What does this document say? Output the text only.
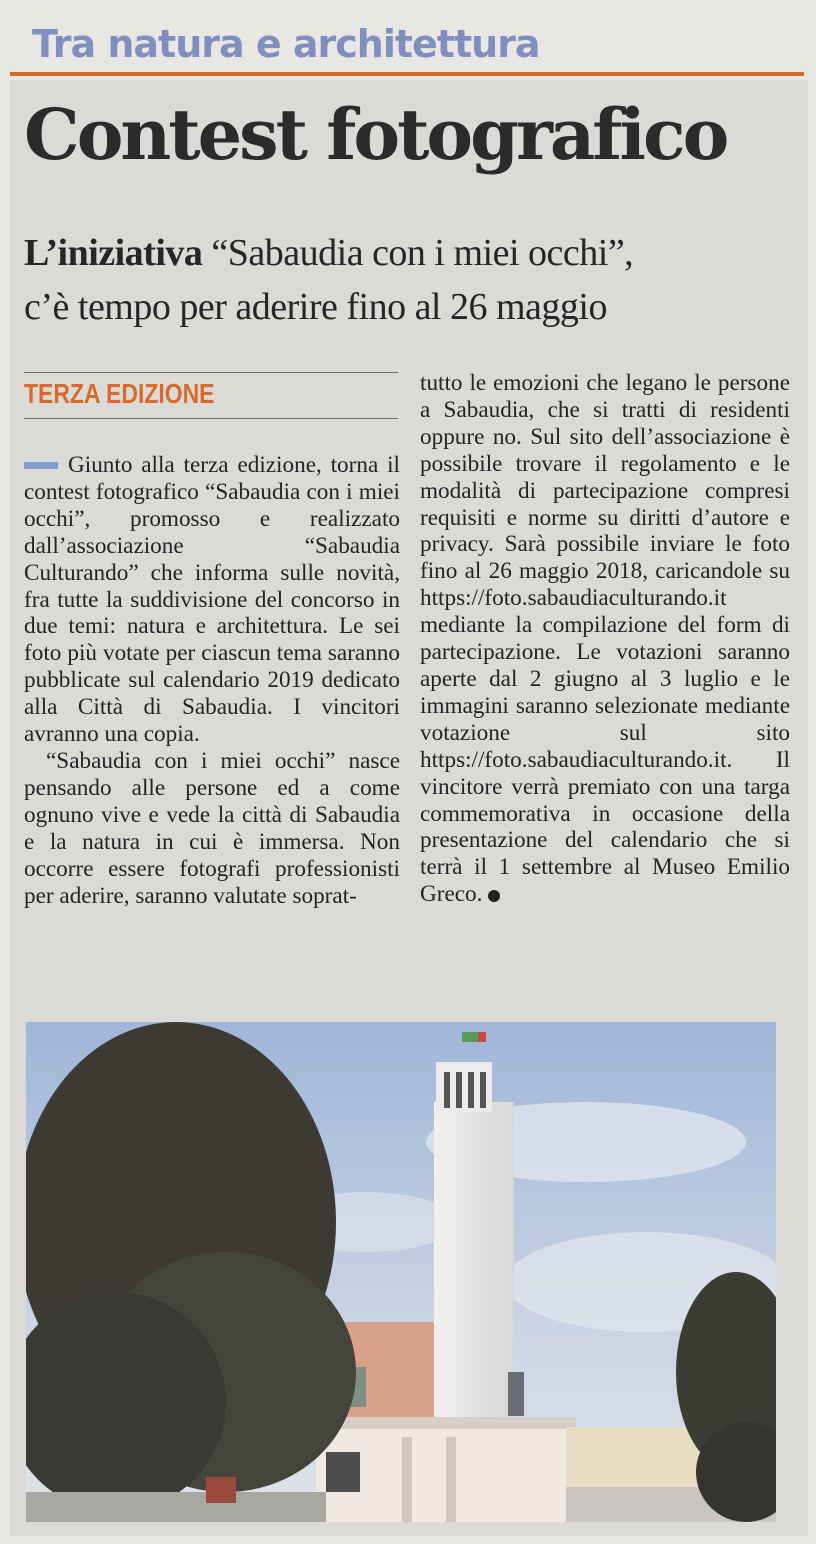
Tra natura e architettura
Contest fotografico
L’iniziativa “Sabaudia con i miei occhi”,
c’è tempo per aderire fino al 26 maggio
TERZA EDIZIONE

Giunto alla terza edizione, torna il contest fotografico “Sabaudia con i miei occhi”, promosso e realizzato dall’associazione “Sabaudia Culturando” che informa sulle novità, fra tutte la suddivisione del concorso in due temi: natura e architettura. Le sei foto più votate per ciascun tema saranno pubblicate sul calendario 2019 dedicato alla Città di Sabaudia. I vincitori avranno una copia.

“Sabaudia con i miei occhi” nasce pensando alle persone ed a come ognuno vive e vede la città di Sabaudia e la natura in cui è immersa. Non occorre essere fotografi professionisti per aderire, saranno valutate soprat-

tutto le emozioni che legano le persone a Sabaudia, che si tratti di residenti oppure no. Sul sito dell’associazione è possibile trovare il regolamento e le modalità di partecipazione compresi requisiti e norme su diritti d’autore e privacy. Sarà possibile inviare le foto fino al 26 maggio 2018, caricandole su https://foto.sabaudiaculturando.it mediante la compilazione del form di partecipazione. Le votazioni saranno aperte dal 2 giugno al 3 luglio e le immagini saranno selezionate mediante votazione sul sito https://foto.sabaudiaculturando.it. Il vincitore verrà premiato con una targa commemorativa in occasione della presentazione del calendario che si terrà il 1 settembre al Museo Emilio Greco.
